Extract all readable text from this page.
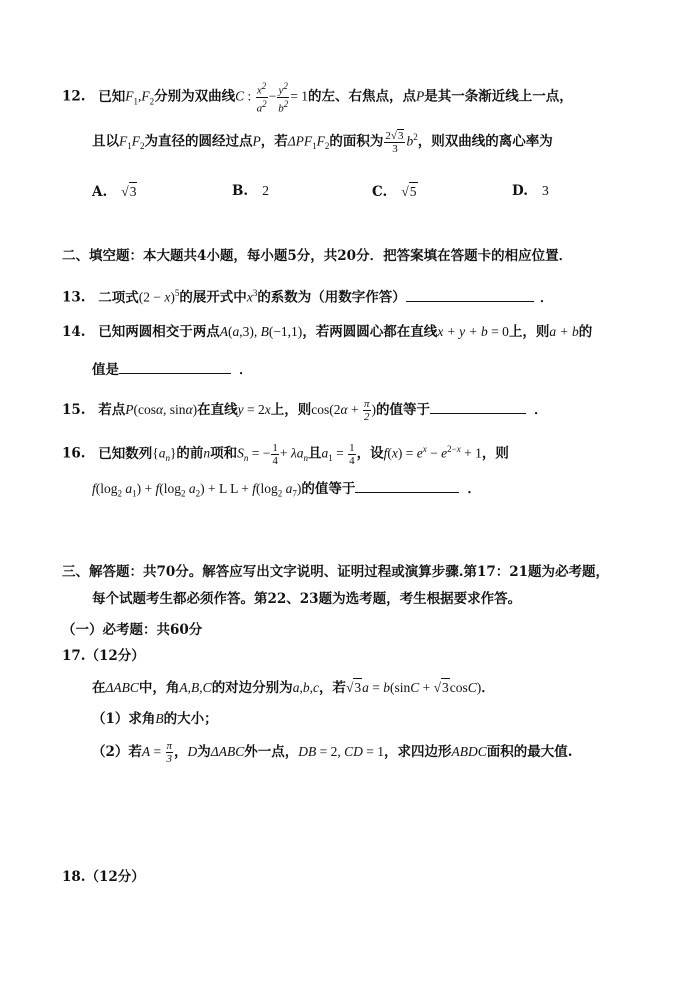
12. 已知$F_1,F_2$分别为双曲线C : $\frac{x^2}{a^2} - \frac{y^2}{b^2} = 1$的左、右焦点，点P是其一条渐近线上一点，
且以$F_1F_2$为直径的圆经过点P，若$\Delta PF_1F_2$的面积为 $\frac{2√3}{3} b^2$，则双曲线的离心率为
A. √3	B. 2	C. √5	D. 3
二、填空题：本大题共4小题，每小题5分，共20分．把答案填在答题卡的相应位置．
13. 二项式$(2 - x)^5$的展开式中$x^3$的系数为（用数字作答）	．
14. 已知两圆相交于两点A(a,3), B(−1,1)，若两圆圆心都在直线x + y + b = 0上，则a + b的
值是	．
15. 若点P(cosα, sinα)在直线y = 2x上，则$\cos(2\alpha + \frac{\pi}{2}$ )的值等于	．
16. 已知数列$\{a_n\}$的前n项和$S_n$ = − $\frac{1}{4} + \lambda a_n$且$a_1 = \frac{1}{4}$ ，设$f(x) = e^x - e^{2-x} + 1$，则
$f(\log_2$ $a_1) + f(\log_2$ $a_2) + L$ $L + f(\log_2$ $a_7$)的值等于	．
三、解答题：共70分。解答应写出文字说明、证明过程或演算步骤.第17：21题为必考题，
每个试题考生都必须作答。第22、23题为选考题，考生根据要求作答。
（一）必考题：共60分
17.（12分）
在ΔABC中，角A,B,C的对边分别为a,b,c，若√3a = b(sinC + √3cosC)．
（1）求角B的大小；
（2）若$A = \frac{\pi}{3}$ ，D为ΔABC外一点，DB = 2, CD = 1，求四边形ABDC面积的最大值.
18.（12分）
